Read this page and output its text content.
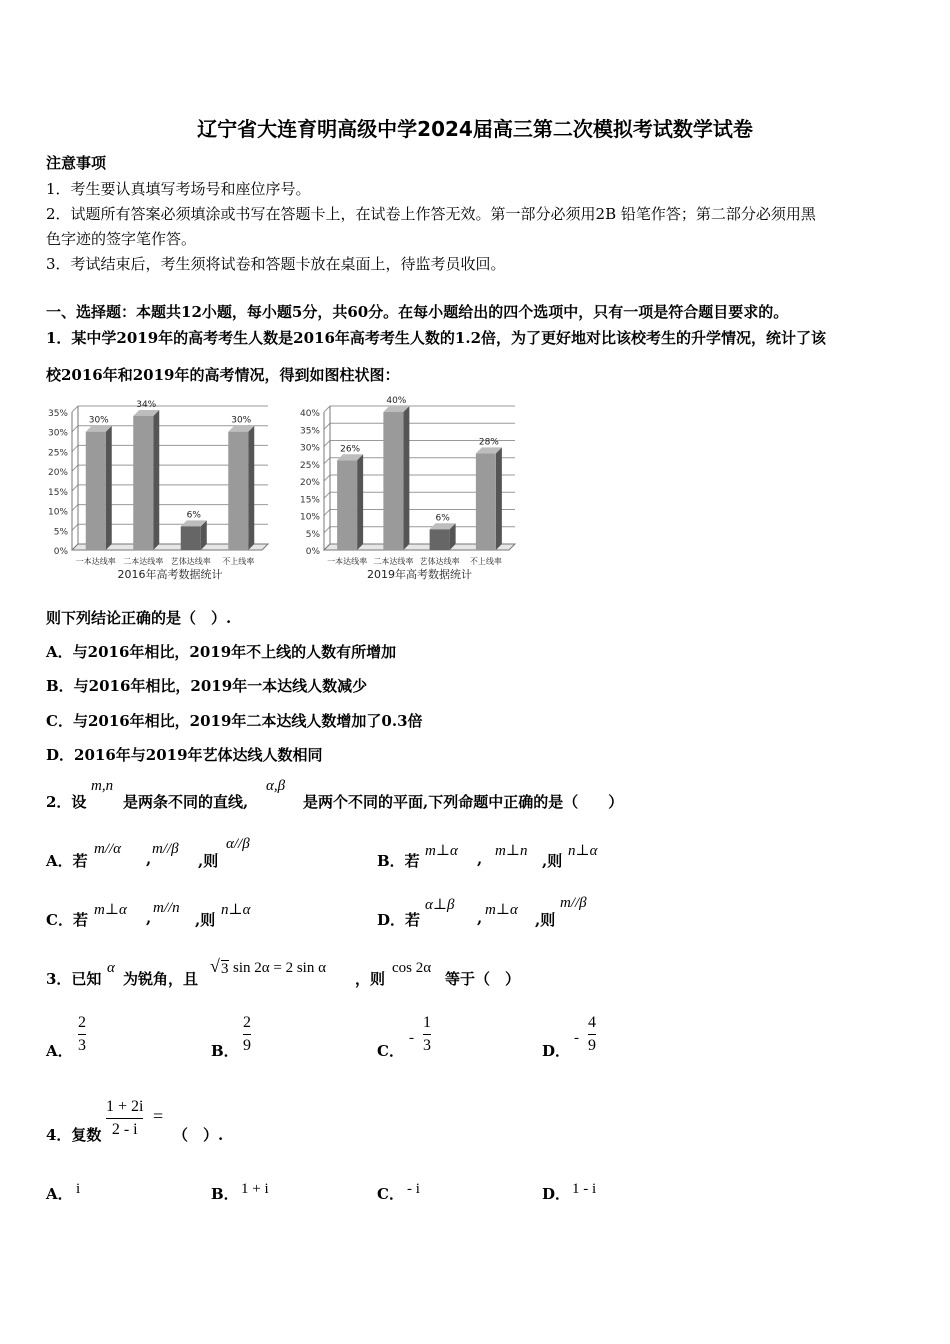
辽宁省大连育明高级中学2024届高三第二次模拟考试数学试卷
注意事项
1．考生要认真填写考场号和座位序号。
2．试题所有答案必须填涂或书写在答题卡上，在试卷上作答无效。第一部分必须用2B 铅笔作答；第二部分必须用黑
色字迹的签字笔作答。
3．考试结束后，考生须将试卷和答题卡放在桌面上，待监考员收回。
一、选择题：本题共12小题，每小题5分，共60分。在每小题给出的四个选项中，只有一项是符合题目要求的。
1．某中学2019年的高考考生人数是2016年高考考生人数的1.2倍，为了更好地对比该校考生的升学情况，统计了该
校2016年和2019年的高考情况，得到如图柱状图：
0%
5%
10%
15%
20%
25%
30%
35%
30%
一本达线率
34%
二本达线率
6%
艺体达线率
30%
不上线率
2016年高考数据统计
0%
5%
10%
15%
20%
25%
30%
35%
40%
26%
一本达线率
40%
二本达线率
6%
艺体达线率
28%
不上线率
2019年高考数据统计
则下列结论正确的是（　）.
A．与2016年相比，2019年不上线的人数有所增加
B．与2016年相比，2019年一本达线人数减少
C．与2016年相比，2019年二本达线人数增加了0.3倍
D．2016年与2019年艺体达线人数相同
2．设
m,n
是两条不同的直线,
α,β
是两个不同的平面,下列命题中正确的是（　　）
A．若
m//α
,
m//β
,则
α//β
B．若
m⊥α , m⊥n
,则
n⊥α
C．若
m⊥α ,
m//n
,则
n⊥α
D．若
α⊥β
, m⊥α
,则
m//β
3．已知
α
为锐角，且
√ 3 sin 2α = 2 sin α
，则
cos 2α
等于（　）
A．
2
3	B．
2
9	C．
-
1
3	D．
-
4
9
4．复数
1 + 2i
2 - i
=
（　）.
A． i	B． 1 + i	C． - i	D． 1 - i
